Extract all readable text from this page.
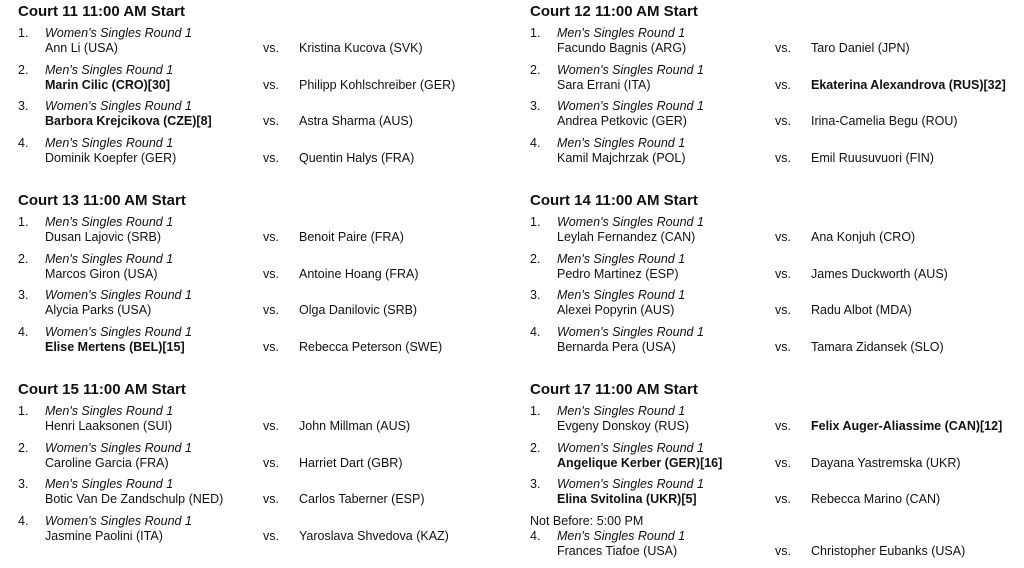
Court 11 11:00 AM Start
1. Women's Singles Round 1
Ann Li (USA)	vs. Kristina Kucova (SVK)
2. Men's Singles Round 1
Marin Cilic (CRO)[30]	vs. Philipp Kohlschreiber (GER)
3. Women's Singles Round 1
Barbora Krejcikova (CZE)[8]	vs. Astra Sharma (AUS)
4. Men's Singles Round 1
Dominik Koepfer (GER)	vs. Quentin Halys (FRA)
Court 12 11:00 AM Start
1. Men's Singles Round 1
Facundo Bagnis (ARG)	vs. Taro Daniel (JPN)
2. Women's Singles Round 1
Sara Errani (ITA)	vs. Ekaterina Alexandrova (RUS)[32]
3. Women's Singles Round 1
Andrea Petkovic (GER)	vs. Irina-Camelia Begu (ROU)
4. Men's Singles Round 1
Kamil Majchrzak (POL)	vs. Emil Ruusuvuori (FIN)
Court 13 11:00 AM Start
1. Men's Singles Round 1
Dusan Lajovic (SRB)	vs. Benoit Paire (FRA)
2. Men's Singles Round 1
Marcos Giron (USA)	vs. Antoine Hoang (FRA)
3. Women's Singles Round 1
Alycia Parks (USA)	vs. Olga Danilovic (SRB)
4. Women's Singles Round 1
Elise Mertens (BEL)[15]	vs. Rebecca Peterson (SWE)
Court 14 11:00 AM Start
1. Women's Singles Round 1
Leylah Fernandez (CAN)	vs. Ana Konjuh (CRO)
2. Men's Singles Round 1
Pedro Martinez (ESP)	vs. James Duckworth (AUS)
3. Men's Singles Round 1
Alexei Popyrin (AUS)	vs. Radu Albot (MDA)
4. Women's Singles Round 1
Bernarda Pera (USA)	vs. Tamara Zidansek (SLO)
Court 15 11:00 AM Start
1. Men's Singles Round 1
Henri Laaksonen (SUI)	vs. John Millman (AUS)
2. Women's Singles Round 1
Caroline Garcia (FRA)	vs. Harriet Dart (GBR)
3. Men's Singles Round 1
Botic Van De Zandschulp (NED)	vs. Carlos Taberner (ESP)
4. Women's Singles Round 1
Jasmine Paolini (ITA)	vs. Yaroslava Shvedova (KAZ)
Court 17 11:00 AM Start
1. Men's Singles Round 1
Evgeny Donskoy (RUS)	vs. Felix Auger-Aliassime (CAN)[12]
2. Women's Singles Round 1
Angelique Kerber (GER)[16]	vs. Dayana Yastremska (UKR)
3. Women's Singles Round 1
Elina Svitolina (UKR)[5]	vs. Rebecca Marino (CAN)
Not Before: 5:00 PM
4. Men's Singles Round 1
Frances Tiafoe (USA)	vs. Christopher Eubanks (USA)
